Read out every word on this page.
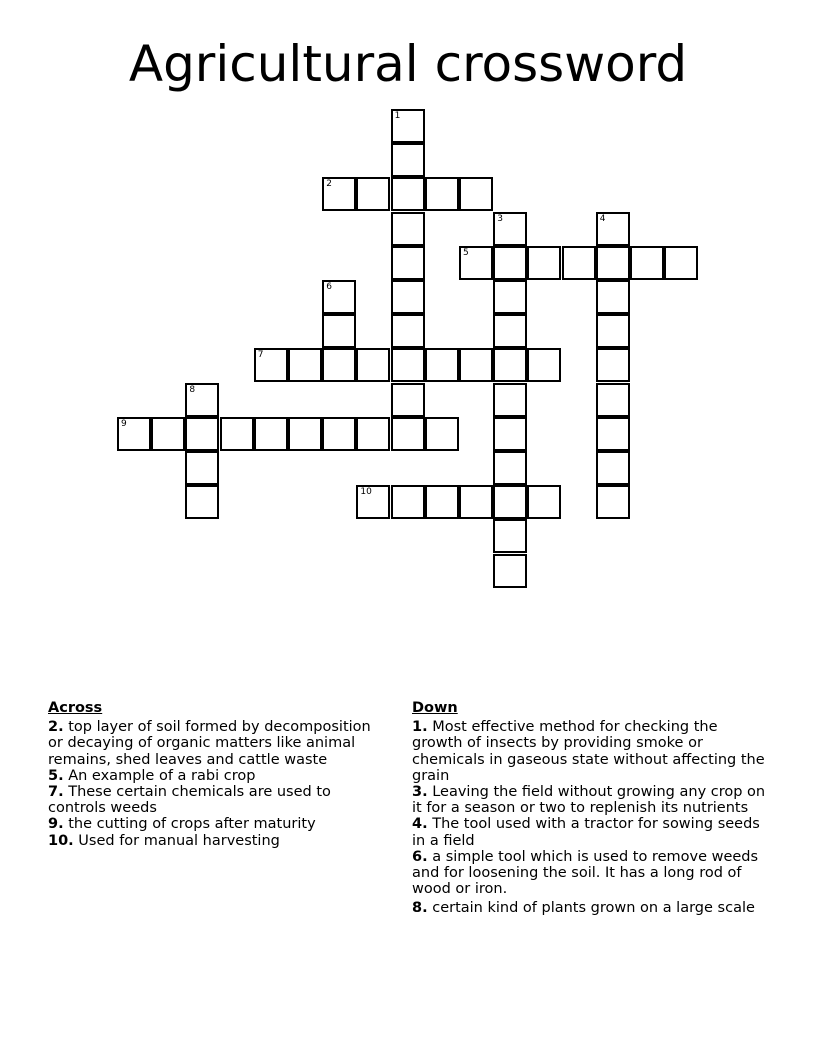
Agricultural crossword
1
2
3	4
5
6
7
8
9
10
Across
2. top layer of soil formed by decomposition or decaying of organic matters like animal remains, shed leaves and cattle waste
5. An example of a rabi crop
7. These certain chemicals are used to controls weeds
9. the cutting of crops after maturity
10. Used for manual harvesting
Down
1. Most effective method for checking the growth of insects by providing smoke or chemicals in gaseous state without affecting the grain
3. Leaving the field without growing any crop on it for a season or two to replenish its nutrients
4. The tool used with a tractor for sowing seeds in a field
6. a simple tool which is used to remove weeds and for loosening the soil. It has a long rod of wood or iron.
8. certain kind of plants grown on a large scale
